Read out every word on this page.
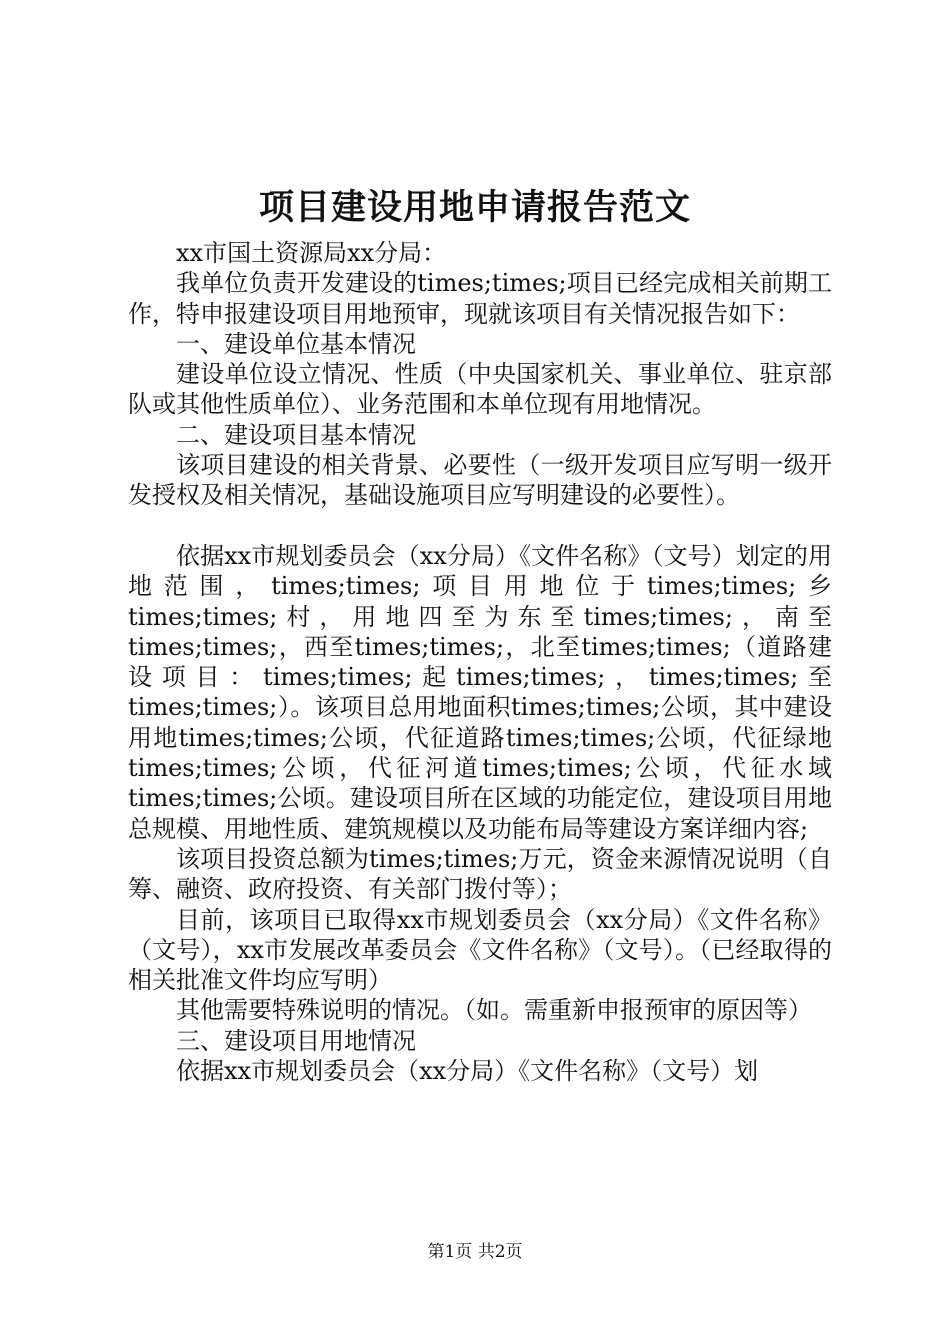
项目建设用地申请报告范文

xx市国土资源局xx分局：

我单位负责开发建设的times;times;项目已经完成相关前期工作，特申报建设项目用地预审，现就该项目有关情况报告如下：

一、建设单位基本情况

建设单位设立情况、性质（中央国家机关、事业单位、驻京部队或其他性质单位）、业务范围和本单位现有用地情况。

二、建设项目基本情况

该项目建设的相关背景、必要性（一级开发项目应写明一级开发授权及相关情况，基础设施项目应写明建设的必要性）。

依据xx市规划委员会（xx分局）《文件名称》（文号）划定的用地范围，times;times;项目用地位于times;times;乡times;times;村，用地四至为东至times;times;，南至times;times;，西至times;times;，北至times;times;（道路建设项目：times;times;起times;times;，times;times;至times;times;）。该项目总用地面积times;times;公顷，其中建设用地times;times;公顷，代征道路times;times;公顷，代征绿地times;times;公顷，代征河道times;times;公顷，代征水域times;times;公顷。建设项目所在区域的功能定位，建设项目用地总规模、用地性质、建筑规模以及功能布局等建设方案详细内容;

该项目投资总额为times;times;万元，资金来源情况说明（自筹、融资、政府投资、有关部门拨付等）；

目前，该项目已取得xx市规划委员会（xx分局）《文件名称》（文号），xx市发展改革委员会《文件名称》（文号）。（已经取得的相关批准文件均应写明）

其他需要特殊说明的情况。（如。需重新申报预审的原因等）

三、建设项目用地情况

依据xx市规划委员会（xx分局）《文件名称》（文号）划

第1页 共2页
